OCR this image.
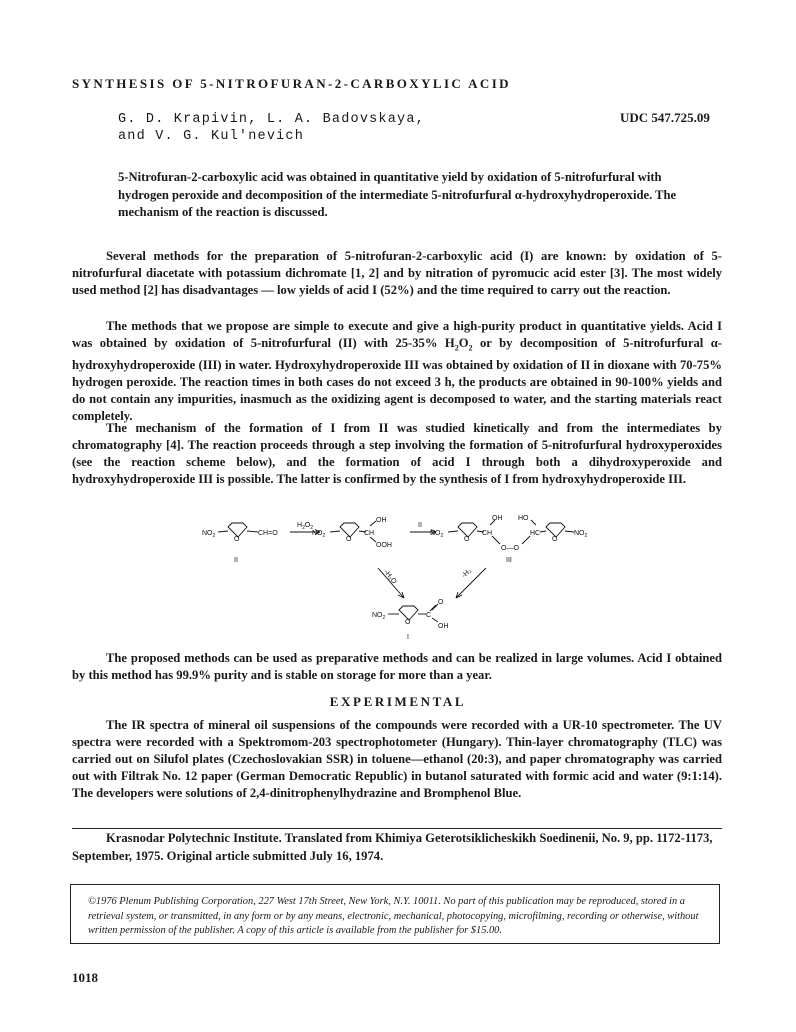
SYNTHESIS OF 5-NITROFURAN-2-CARBOXYLIC ACID
G. D. Krapivin, L. A. Badovskaya,
and V. G. Kul'nevich
UDC 547.725.09
5-Nitrofuran-2-carboxylic acid was obtained in quantitative yield by oxidation of 5-nitrofurfural with hydrogen peroxide and decomposition of the intermediate 5-nitrofurfural α-hydroxyhydroperoxide. The mechanism of the reaction is discussed.
Several methods for the preparation of 5-nitrofuran-2-carboxylic acid (I) are known: by oxidation of 5-nitrofurfural diacetate with potassium dichromate [1, 2] and by nitration of pyromucic acid ester [3]. The most widely used method [2] has disadvantages — low yields of acid I (52%) and the time required to carry out the reaction.
The methods that we propose are simple to execute and give a high-purity product in quantitative yields. Acid I was obtained by oxidation of 5-nitrofurfural (II) with 25-35% $H_2O_2$ or by decomposition of 5-nitrofurfural α-hydroxyhydroperoxide (III) in water. Hydroxyhydroperoxide III was obtained by oxidation of II in dioxane with 70-75% hydrogen peroxide. The reaction times in both cases do not exceed 3 h, the products are obtained in 90-100% yields and do not contain any impurities, inasmuch as the oxidizing agent is decomposed to water, and the starting materials react completely.
The mechanism of the formation of I from II was studied kinetically and from the intermediates by chromatography [4]. The reaction proceeds through a step involving the formation of 5-nitrofurfural hydroxyperoxides (see the reaction scheme below), and the formation of acid I through both a dihydroxyperoxide and hydroxyhydroperoxide III is possible. The latter is confirmed by the synthesis of I from hydroxyhydroperoxide III.
$NO_2$	O
CH=O
II
$H_2O_2$
$NO_2$	O
CH
OH
OOH
II
$NO_2$	O
CH
OH HO
HC
O—O
O
$NO_2$
III
-H₂O	-H₂
$NO_2$
O
C
O
OH
I
The proposed methods can be used as preparative methods and can be realized in large volumes. Acid I obtained by this method has 99.9% purity and is stable on storage for more than a year.
EXPERIMENTAL
The IR spectra of mineral oil suspensions of the compounds were recorded with a UR-10 spectrometer. The UV spectra were recorded with a Spektromom-203 spectrophotometer (Hungary). Thin-layer chromatography (TLC) was carried out on Silufol plates (Czechoslovakian SSR) in toluene—ethanol (20:3), and paper chromatography was carried out with Filtrak No. 12 paper (German Democratic Republic) in butanol saturated with formic acid and water (9:1:14). The developers were solutions of 2,4-dinitrophenylhydrazine and Bromphenol Blue.
Krasnodar Polytechnic Institute. Translated from Khimiya Geterotsiklicheskikh Soedinenii, No. 9, pp. 1172-1173, September, 1975. Original article submitted July 16, 1974.
©1976 Plenum Publishing Corporation, 227 West 17th Street, New York, N.Y. 10011. No part of this publication may be reproduced, stored in a retrieval system, or transmitted, in any form or by any means, electronic, mechanical, photocopying, microfilming, recording or otherwise, without written permission of the publisher. A copy of this article is available from the publisher for $15.00.
1018
